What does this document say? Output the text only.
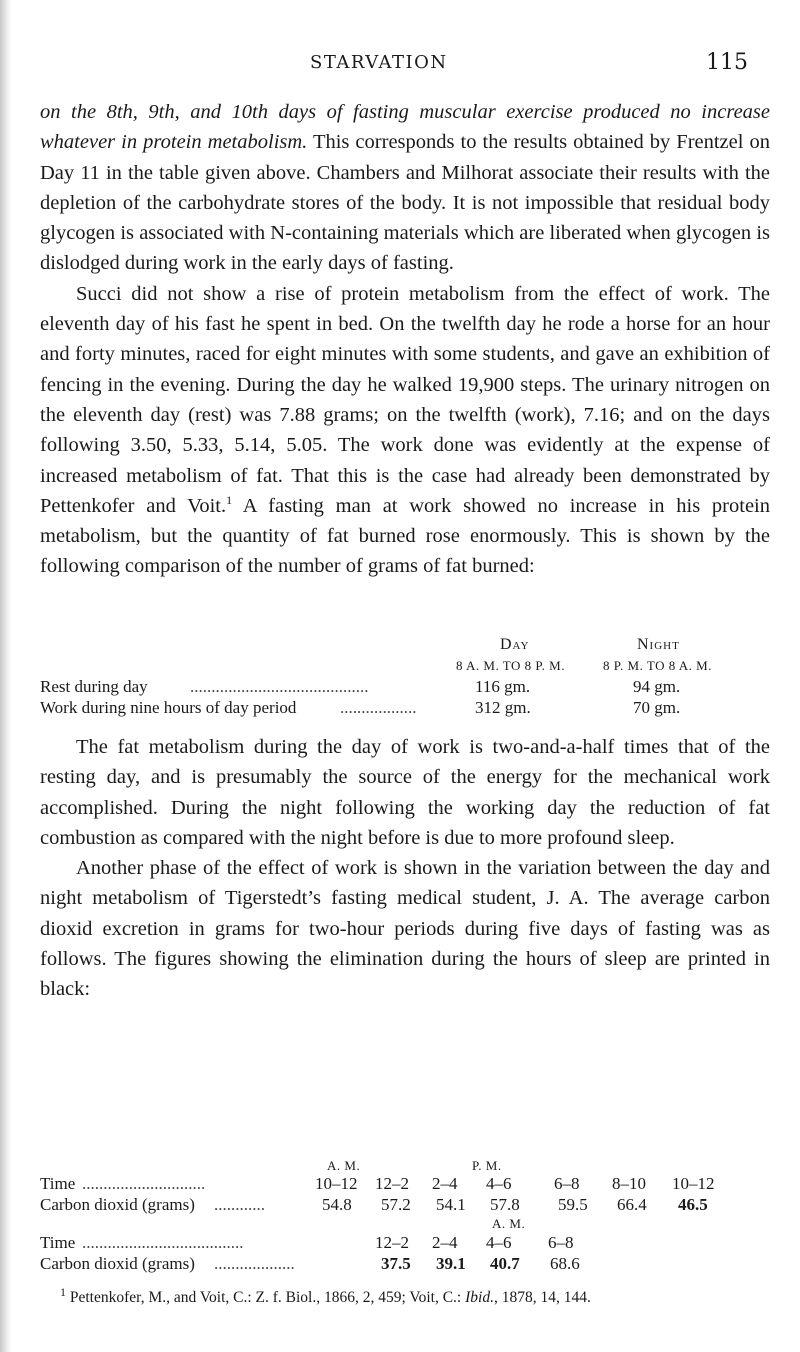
STARVATION	115

on the 8th, 9th, and 10th days of fasting muscular exercise produced no increase whatever in protein metabolism. This corresponds to the results obtained by Frentzel on Day 11 in the table given above. Chambers and Milhorat associate their results with the depletion of the carbohydrate stores of the body. It is not impossible that residual body glycogen is associated with N-containing materials which are liberated when glycogen is dislodged during work in the early days of fasting.

Succi did not show a rise of protein metabolism from the effect of work. The eleventh day of his fast he spent in bed. On the twelfth day he rode a horse for an hour and forty minutes, raced for eight minutes with some students, and gave an exhibition of fencing in the evening. During the day he walked 19,900 steps. The urinary nitrogen on the eleventh day (rest) was 7.88 grams; on the twelfth (work), 7.16; and on the days following 3.50, 5.33, 5.14, 5.05. The work done was evidently at the expense of increased metabolism of fat. That this is the case had already been demonstrated by Pettenkofer and Voit.$^1$ A fasting man at work showed no increase in his protein metabolism, but the quantity of fat burned rose enormously. This is shown by the following comparison of the number of grams of fat burned:

Day	Night
8 A. M. TO 8 P. M.	8 P. M. TO 8 A. M.
Rest during day ..........................................	116 gm.	94 gm.
Work during nine hours of day period	..................	312 gm.	70 gm.

The fat metabolism during the day of work is two-and-a-half times that of the resting day, and is presumably the source of the energy for the mechanical work accomplished. During the night following the working day the reduction of fat combustion as compared with the night before is due to more profound sleep.

Another phase of the effect of work is shown in the variation between the day and night metabolism of Tigerstedt’s fasting medical student, J. A. The average carbon dioxid excretion in grams for two-hour periods during five days of fasting was as follows. The figures showing the elimination during the hours of sleep are printed in black:

A. M.	P. M.
Time .............................	10–12 12–2 2–4 4–6	6–8 8–10 10–12
Carbon dioxid (grams) ............	54.8 57.2 54.1 57.8 59.5 66.4 46.5
A. M.
Time ......................................	12–2 2–4 4–6 6–8
Carbon dioxid (grams) ...................	37.5 39.1 40.7 68.6
$^1$ Pettenkofer, M., and Voit, C.: Z. f. Biol., 1866, 2, 459; Voit, C.: Ibid., 1878, 14, 144.
